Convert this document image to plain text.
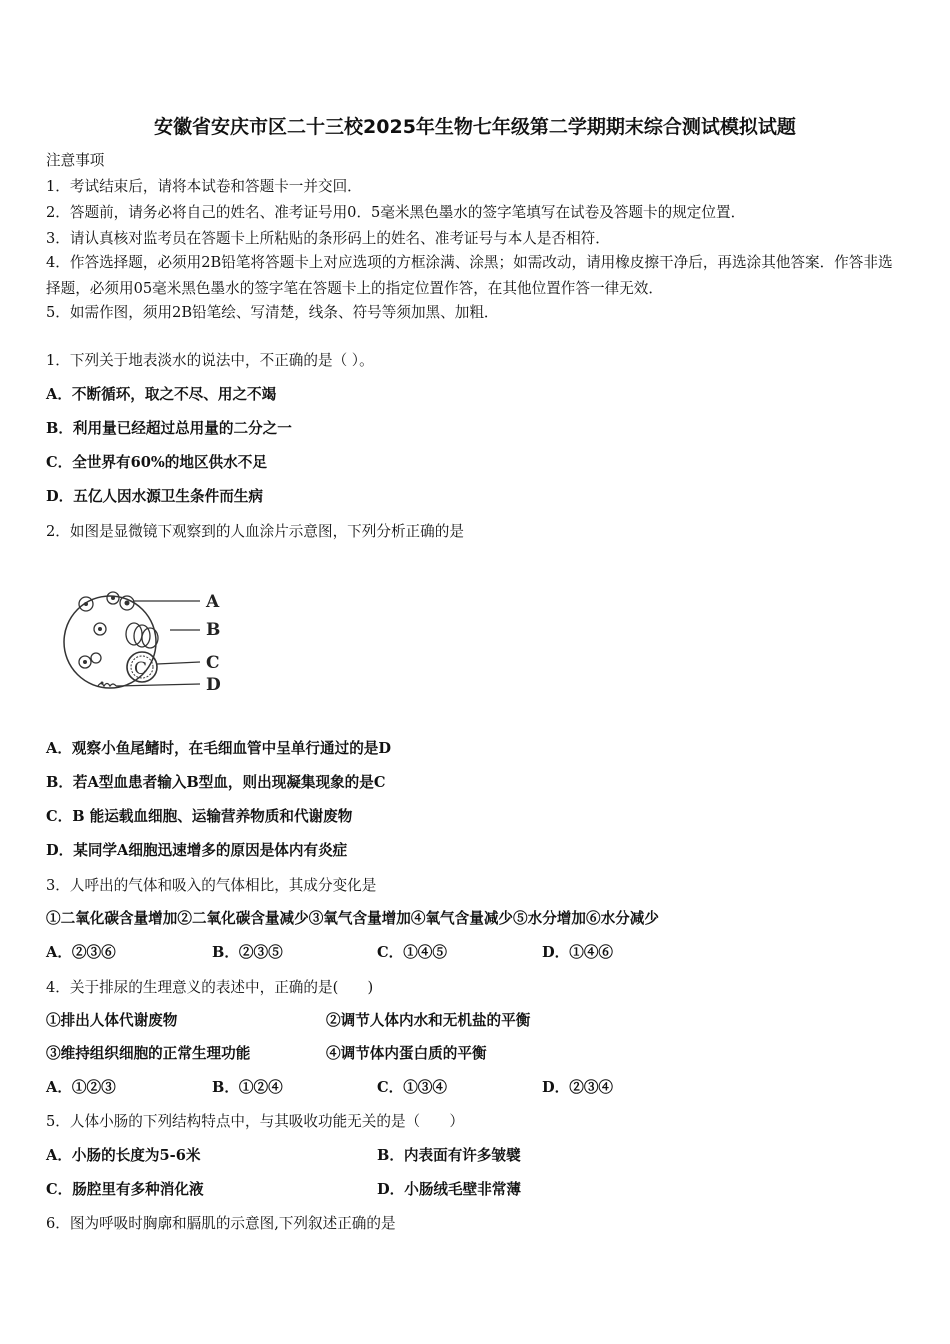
安徽省安庆市区二十三校2025年生物七年级第二学期期末综合测试模拟试题
注意事项
1．考试结束后，请将本试卷和答题卡一并交回．
2．答题前，请务必将自己的姓名、准考证号用0．5毫米黑色墨水的签字笔填写在试卷及答题卡的规定位置．
3．请认真核对监考员在答题卡上所粘贴的条形码上的姓名、准考证号与本人是否相符．
4．作答选择题，必须用2B铅笔将答题卡上对应选项的方框涂满、涂黑；如需改动，请用橡皮擦干净后，再选涂其他答案．作答非选择题，必须用05毫米黑色墨水的签字笔在答题卡上的指定位置作答，在其他位置作答一律无效．
5．如需作图，须用2B铅笔绘、写清楚，线条、符号等须加黑、加粗．
1．下列关于地表淡水的说法中，不正确的是（ ）。
A．不断循环，取之不尽、用之不竭
B．利用量已经超过总用量的二分之一
C．全世界有60%的地区供水不足
D．五亿人因水源卫生条件而生病
2．如图是显微镜下观察到的人血涂片示意图，下列分析正确的是
C
A
B
C
D
A．观察小鱼尾鳍时，在毛细血管中呈单行通过的是D
B．若A型血患者输入B型血，则出现凝集现象的是C
C．B 能运载血细胞、运输营养物质和代谢废物
D．某同学A细胞迅速增多的原因是体内有炎症
3．人呼出的气体和吸入的气体相比，其成分变化是
①二氧化碳含量增加②二氧化碳含量减少③氧气含量增加④氧气含量减少⑤水分增加⑥水分减少
A．②③⑥	B．②③⑤	C．①④⑤	D．①④⑥
4．关于排尿的生理意义的表述中，正确的是(　　)
①排出人体代谢废物	②调节人体内水和无机盐的平衡
③维持组织细胞的正常生理功能	④调节体内蛋白质的平衡
A．①②③	B．①②④	C．①③④	D．②③④
5．人体小肠的下列结构特点中，与其吸收功能无关的是（　　）
A．小肠的长度为5-6米	B．内表面有许多皱襞
C．肠腔里有多种消化液	D．小肠绒毛壁非常薄
6．图为呼吸时胸廓和膈肌的示意图,下列叙述正确的是
